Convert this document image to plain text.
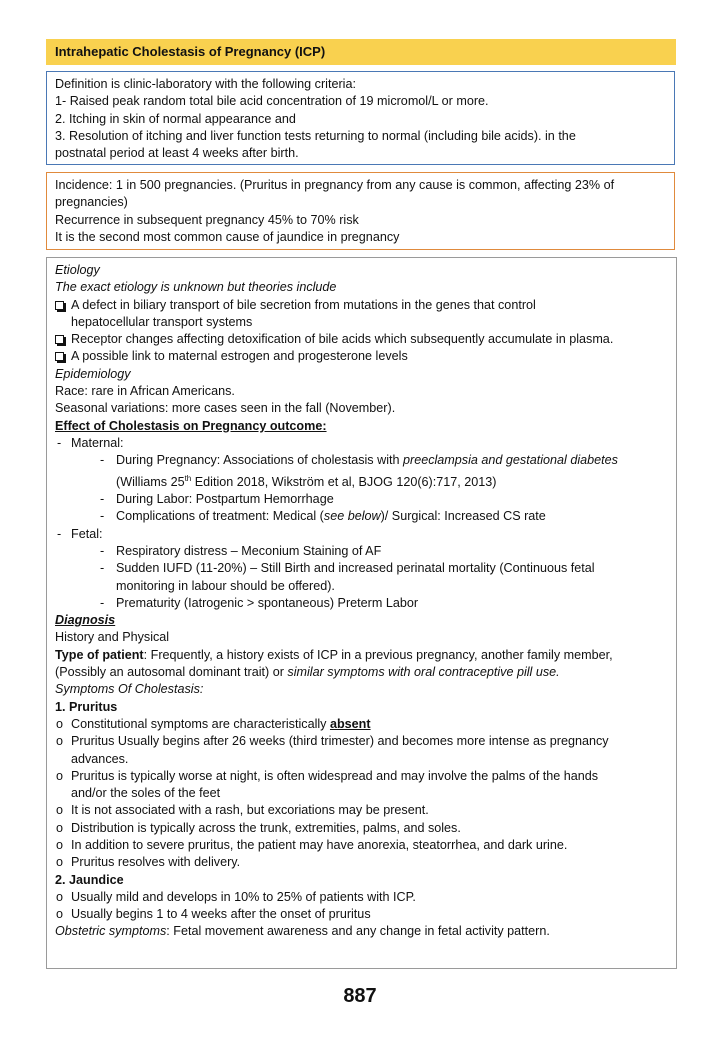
Intrahepatic Cholestasis of Pregnancy (ICP)
Definition is clinic-laboratory with the following criteria:
1- Raised peak random total bile acid concentration of 19 micromol/L or more.
2. Itching in skin of normal appearance and
3. Resolution of itching and liver function tests returning to normal (including bile acids). in the
postnatal period at least 4 weeks after birth.
Incidence: 1 in 500 pregnancies. (Pruritus in pregnancy from any cause is common, affecting 23% of
pregnancies)
Recurrence in subsequent pregnancy 45% to 70% risk
It is the second most common cause of jaundice in pregnancy
Etiology
The exact etiology is unknown but theories include
A defect in biliary transport of bile secretion from mutations in the genes that control
hepatocellular transport systems
Receptor changes affecting detoxification of bile acids which subsequently accumulate in plasma.
A possible link to maternal estrogen and progesterone levels
Epidemiology
Race: rare in African Americans.
Seasonal variations: more cases seen in the fall (November).
Effect of Cholestasis on Pregnancy outcome:
- Maternal:
- During Pregnancy: Associations of cholestasis with preeclampsia and gestational diabetes
(Williams 25th Edition 2018, Wikström et al, BJOG 120(6):717, 2013)
- During Labor: Postpartum Hemorrhage
- Complications of treatment: Medical (see below)/ Surgical: Increased CS rate
- Fetal:
- Respiratory distress – Meconium Staining of AF
- Sudden IUFD (11-20%) – Still Birth and increased perinatal mortality (Continuous fetal
monitoring in labour should be offered).
- Prematurity (Iatrogenic > spontaneous) Preterm Labor
Diagnosis
History and Physical
Type of patient: Frequently, a history exists of ICP in a previous pregnancy, another family member,
(Possibly an autosomal dominant trait) or similar symptoms with oral contraceptive pill use.
Symptoms Of Cholestasis:
1. Pruritus
o Constitutional symptoms are characteristically absent
o Pruritus Usually begins after 26 weeks (third trimester) and becomes more intense as pregnancy
advances.
o Pruritus is typically worse at night, is often widespread and may involve the palms of the hands
and/or the soles of the feet
o It is not associated with a rash, but excoriations may be present.
o Distribution is typically across the trunk, extremities, palms, and soles.
o In addition to severe pruritus, the patient may have anorexia, steatorrhea, and dark urine.
o Pruritus resolves with delivery.
2. Jaundice
o Usually mild and develops in 10% to 25% of patients with ICP.
o Usually begins 1 to 4 weeks after the onset of pruritus
Obstetric symptoms: Fetal movement awareness and any change in fetal activity pattern.
887
